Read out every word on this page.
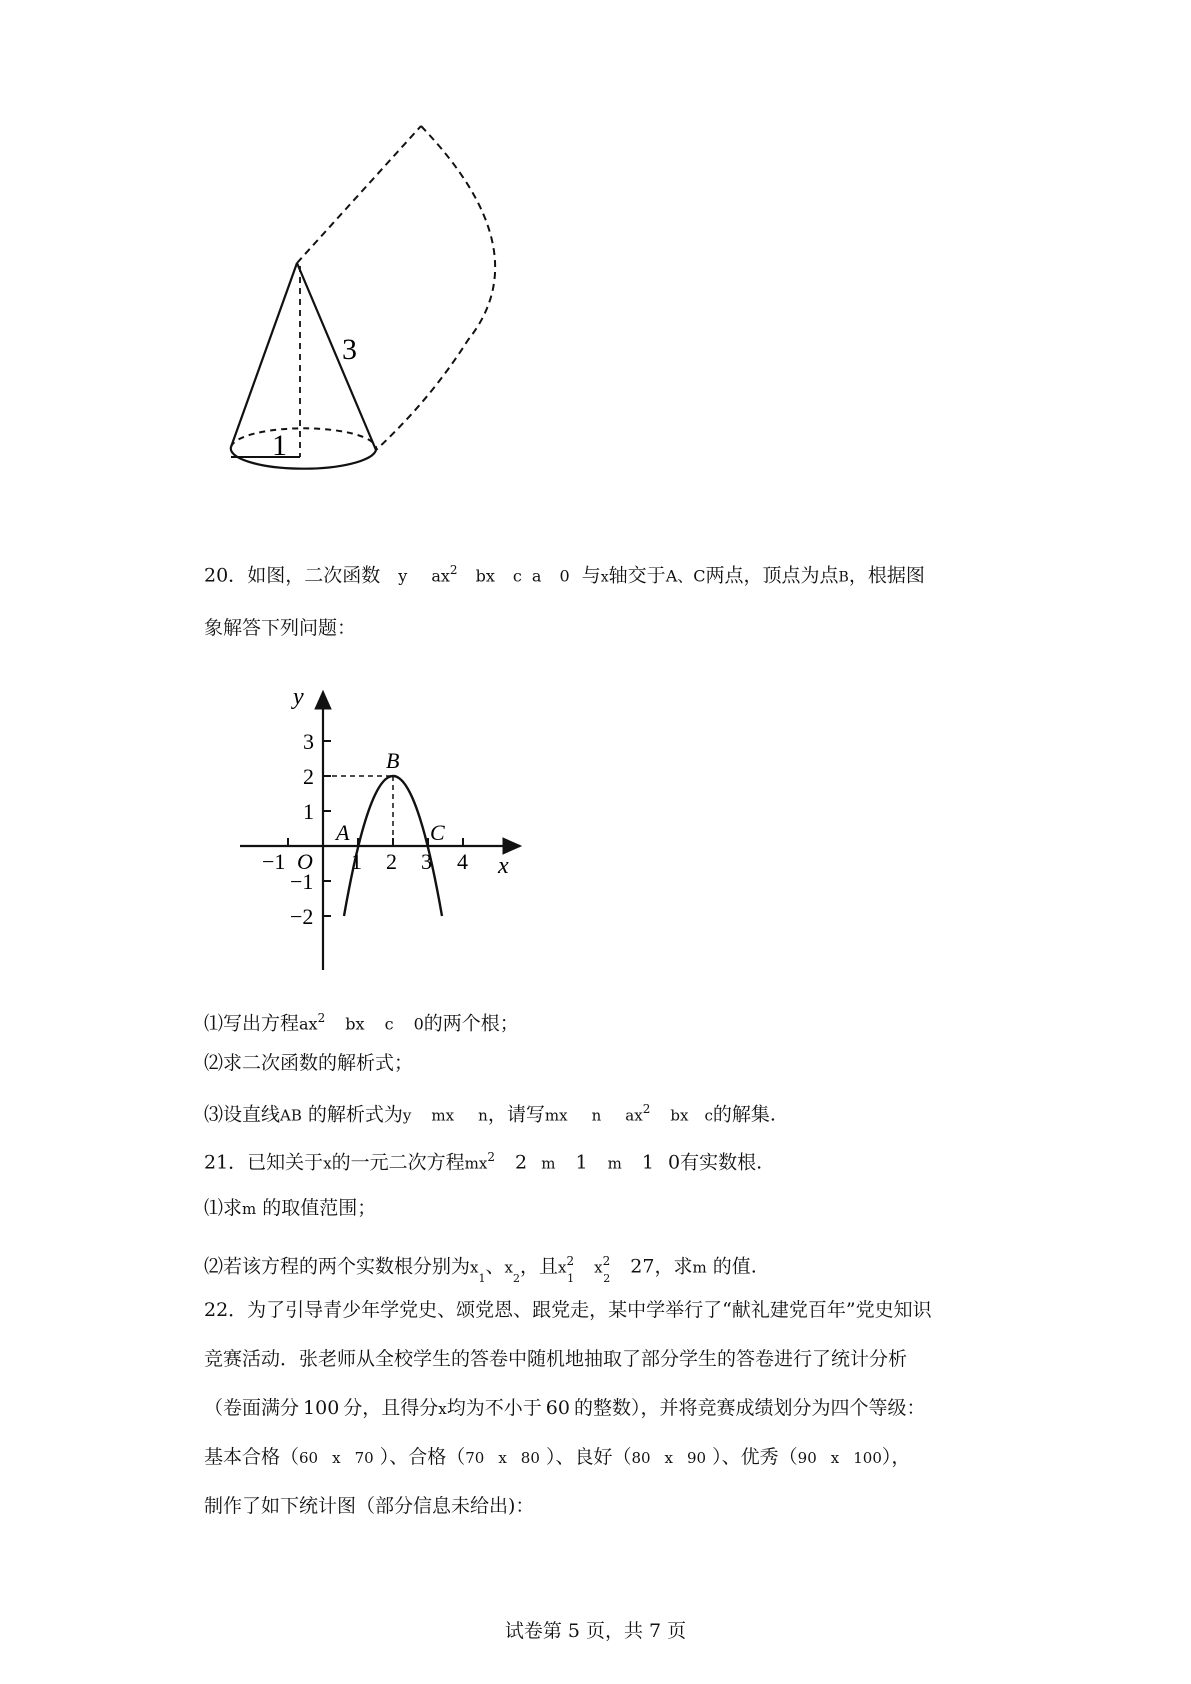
3
1
20．如图，二次函数 y $ax^2$ bx c a 0 与x轴交于A、C两点，顶点为点B，根据图
象解答下列问题：
y
x
O
A
B
C
−1	1 2 3 4
3
2
1
−1
−2
⑴写出方程$ax^2$ bx c 0的两个根；
⑵求二次函数的解析式；
⑶设直线AB 的解析式为y mx n，请写mx n $ax^2$ bx c的解集.
21．已知关于x的一元二次方程$mx^2$ 2 m 1 m 1 0有实数根.
⑴求m 的取值范围；
⑵若该方程的两个实数根分别为$x_1$、$x_2$，且$x^2_1$ $x^2_2$ 27，求m 的值.
22．为了引导青少年学党史、颂党恩、跟党走，某中学举行了“献礼建党百年”党史知识
竞赛活动．张老师从全校学生的答卷中随机地抽取了部分学生的答卷进行了统计分析
（卷面满分 100 分，且得分x均为不小于 60 的整数），并将竞赛成绩划分为四个等级：
基本合格（60 x 70 ）、合格（70 x 80 ）、良好（80 x 90 ）、优秀（90 x 100），
制作了如下统计图（部分信息未给出)：
试卷第 5 页，共 7 页
